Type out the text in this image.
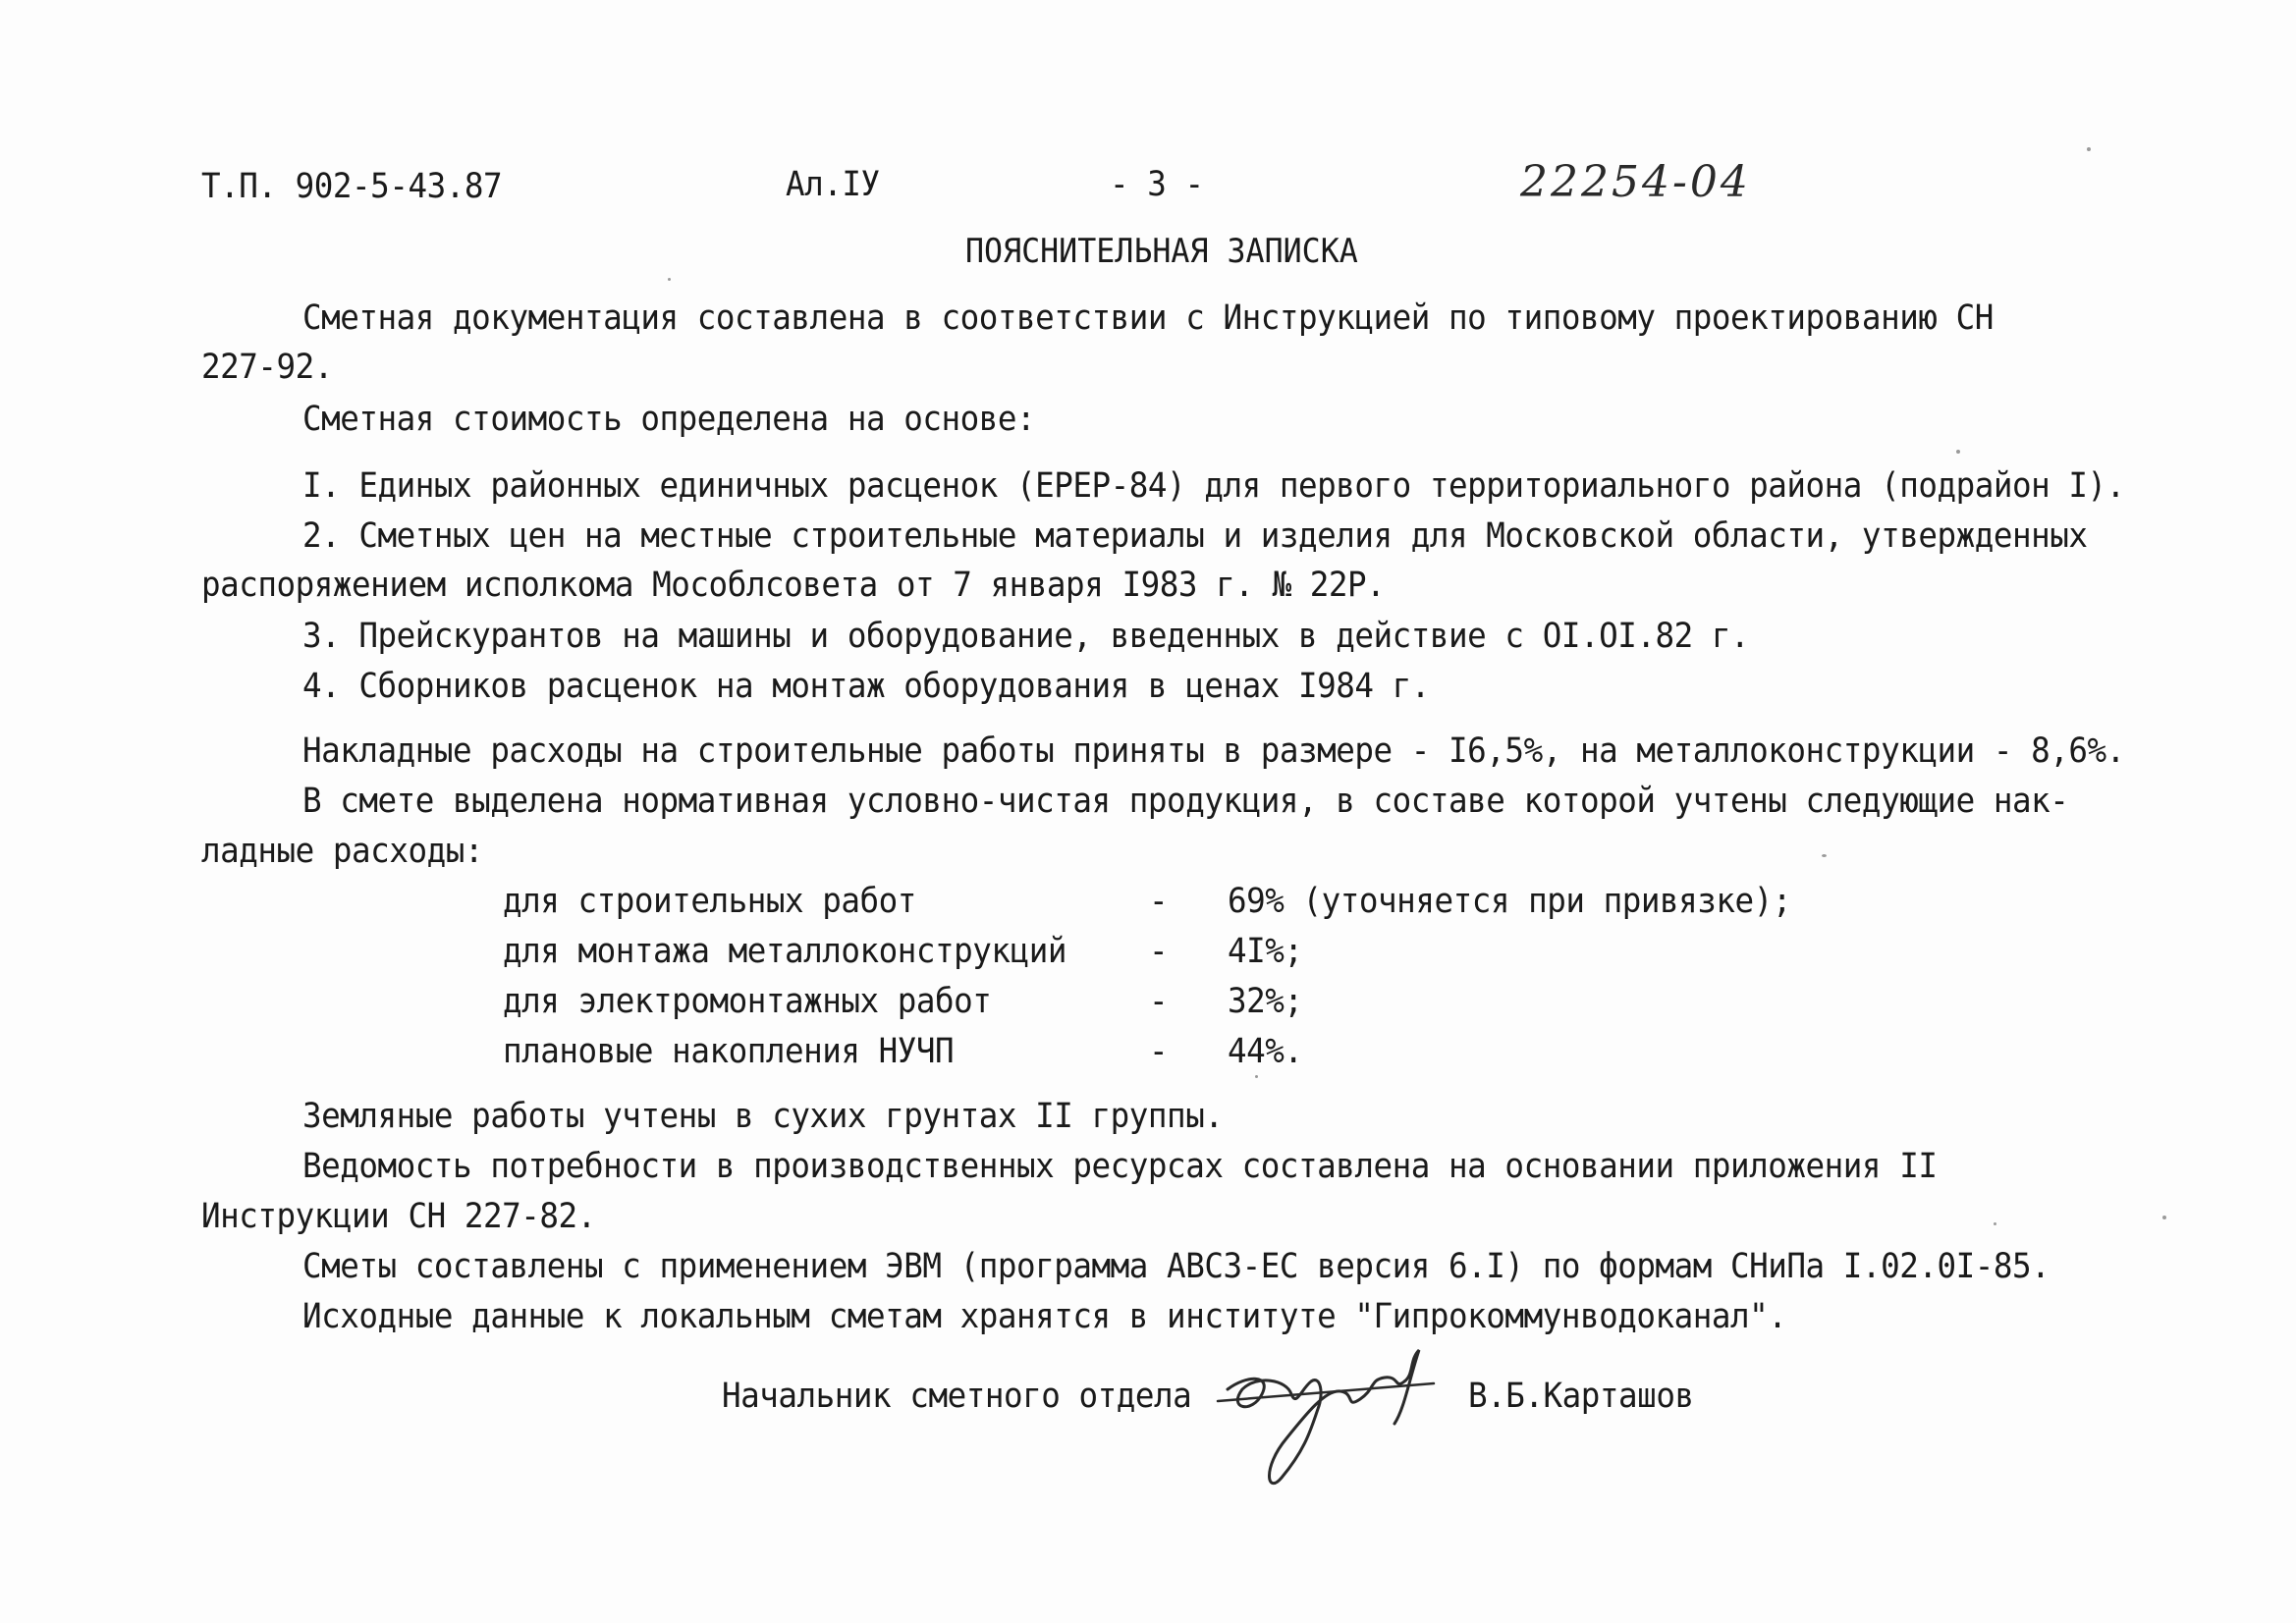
Т.П. 902-5-43.87	Ал.IУ	- 3 -	22254-04
ПОЯСНИТЕЛЬНАЯ ЗАПИСКА
Сметная документация составлена в соответствии с Инструкцией по типовому проектированию СН
227-92.
Сметная стоимость определена на основе:
I. Единых районных единичных расценок (ЕРЕР-84) для первого территориального района (подрайон I).
2. Сметных цен на местные строительные материалы и изделия для Московской области, утвержденных
распоряжением исполкома Мособлсовета от 7 января I983 г. № 22Р.
3. Прейскурантов на машины и оборудование, введенных в действие с OI.OI.82 г.
4. Сборников расценок на монтаж оборудования в ценах I984 г.
Накладные расходы на строительные работы приняты в размере - I6,5%, на металлоконструкции - 8,6%.
В смете выделена нормативная условно-чистая продукция, в составе которой учтены следующие нак-
ладные расходы:
для строительных работ	- 69% (уточняется при привязке);
для монтажа металлоконструкций - 4I%;
для электромонтажных работ	- 32%;
плановые накопления НУЧП	- 44%.
Земляные работы учтены в сухих грунтах II группы.
Ведомость потребности в производственных ресурсах составлена на основании приложения II
Инструкции СН 227-82.
Сметы составлены с применением ЭВМ (программа АВСЗ-ЕС версия 6.I) по формам СНиПа I.02.0I-85.
Исходные данные к локальным сметам хранятся в институте "Гипрокоммунводоканал".
Начальник сметного отдела	В.Б.Карташов
